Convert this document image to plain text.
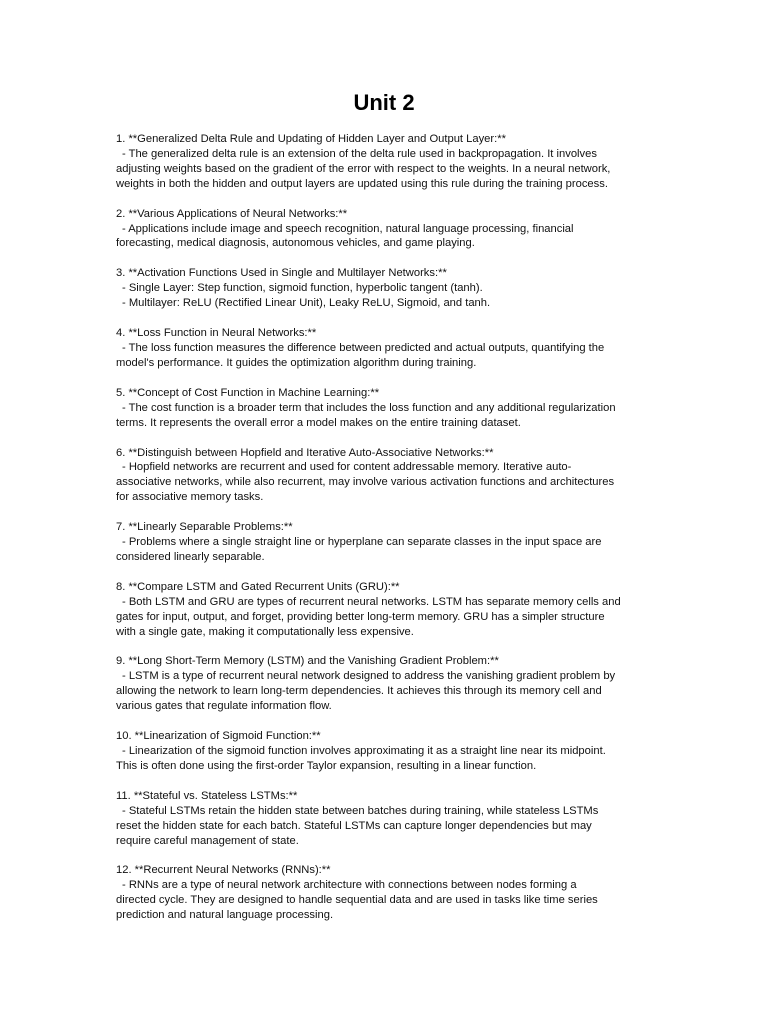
Unit 2
1. **Generalized Delta Rule and Updating of Hidden Layer and Output Layer:**
- The generalized delta rule is an extension of the delta rule used in backpropagation. It involves
adjusting weights based on the gradient of the error with respect to the weights. In a neural network,
weights in both the hidden and output layers are updated using this rule during the training process.
2. **Various Applications of Neural Networks:**
- Applications include image and speech recognition, natural language processing, financial
forecasting, medical diagnosis, autonomous vehicles, and game playing.
3. **Activation Functions Used in Single and Multilayer Networks:**
- Single Layer: Step function, sigmoid function, hyperbolic tangent (tanh).
- Multilayer: ReLU (Rectified Linear Unit), Leaky ReLU, Sigmoid, and tanh.
4. **Loss Function in Neural Networks:**
- The loss function measures the difference between predicted and actual outputs, quantifying the
model's performance. It guides the optimization algorithm during training.
5. **Concept of Cost Function in Machine Learning:**
- The cost function is a broader term that includes the loss function and any additional regularization
terms. It represents the overall error a model makes on the entire training dataset.
6. **Distinguish between Hopfield and Iterative Auto-Associative Networks:**
- Hopfield networks are recurrent and used for content addressable memory. Iterative auto-
associative networks, while also recurrent, may involve various activation functions and architectures
for associative memory tasks.
7. **Linearly Separable Problems:**
- Problems where a single straight line or hyperplane can separate classes in the input space are
considered linearly separable.
8. **Compare LSTM and Gated Recurrent Units (GRU):**
- Both LSTM and GRU are types of recurrent neural networks. LSTM has separate memory cells and
gates for input, output, and forget, providing better long-term memory. GRU has a simpler structure
with a single gate, making it computationally less expensive.
9. **Long Short-Term Memory (LSTM) and the Vanishing Gradient Problem:**
- LSTM is a type of recurrent neural network designed to address the vanishing gradient problem by
allowing the network to learn long-term dependencies. It achieves this through its memory cell and
various gates that regulate information flow.
10. **Linearization of Sigmoid Function:**
- Linearization of the sigmoid function involves approximating it as a straight line near its midpoint.
This is often done using the first-order Taylor expansion, resulting in a linear function.
11. **Stateful vs. Stateless LSTMs:**
- Stateful LSTMs retain the hidden state between batches during training, while stateless LSTMs
reset the hidden state for each batch. Stateful LSTMs can capture longer dependencies but may
require careful management of state.
12. **Recurrent Neural Networks (RNNs):**
- RNNs are a type of neural network architecture with connections between nodes forming a
directed cycle. They are designed to handle sequential data and are used in tasks like time series
prediction and natural language processing.
